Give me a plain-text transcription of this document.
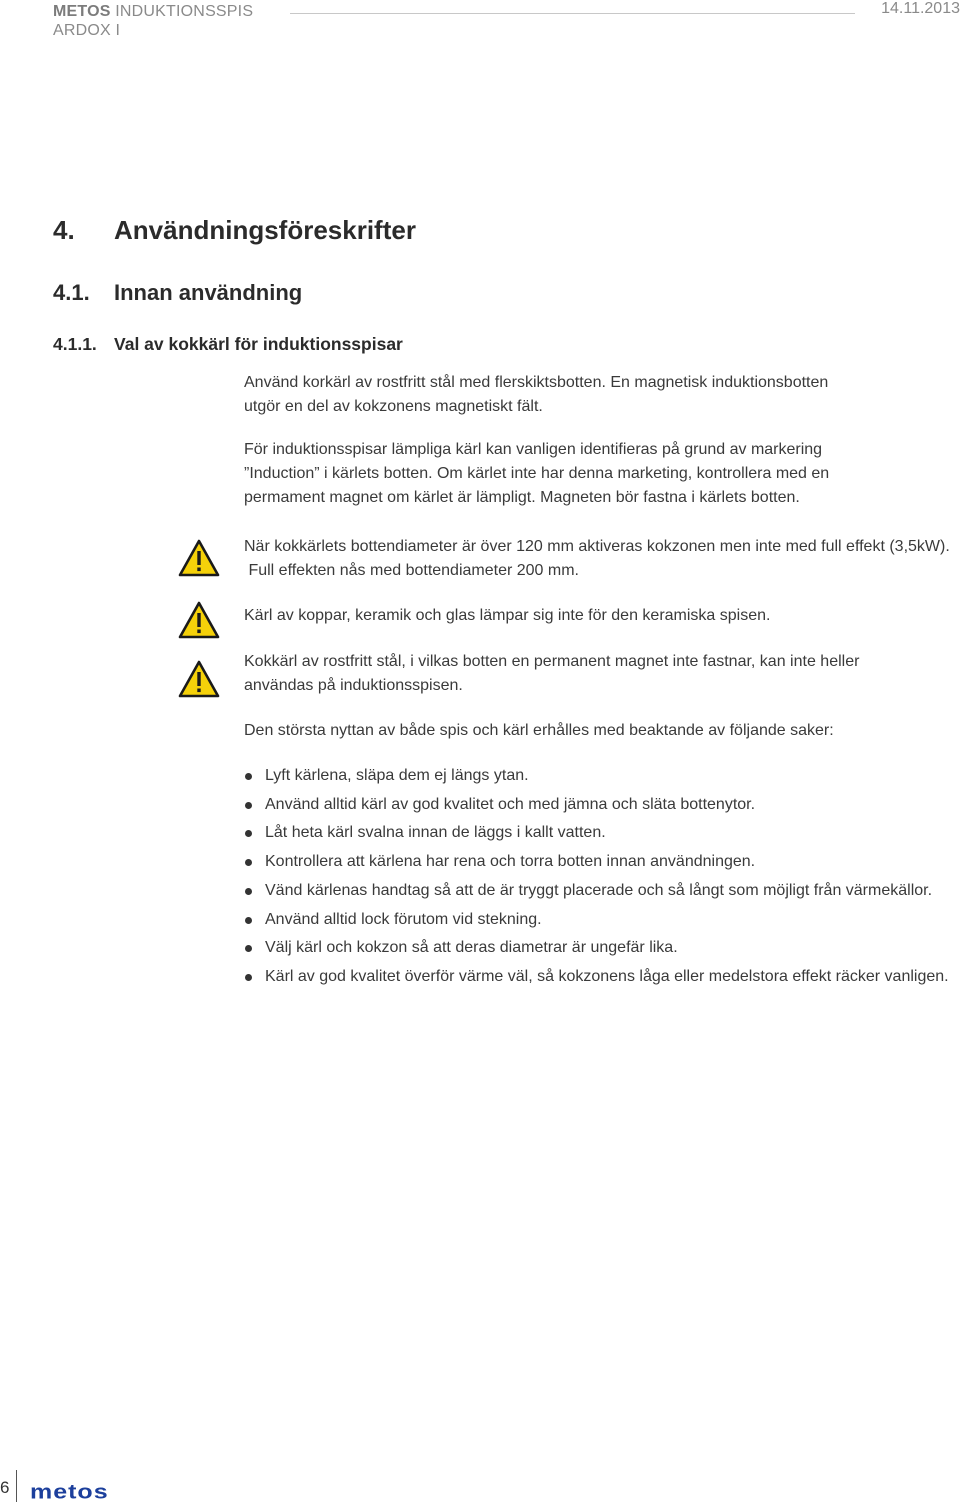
METOS INDUKTIONSSPIS
ARDOX I
14.11.2013
4. Användningsföreskrifter
4.1. Innan användning
4.1.1. Val av kokkärl för induktionsspisar

Använd korkärl av rostfritt stål med flerskiktsbotten. En magnetisk induktionsbotten utgör en del av kokzonens magnetiskt fält.

För induktionsspisar lämpliga kärl kan vanligen identifieras på grund av markering ”Induction” i kärlets botten. Om kärlet inte har denna marketing, kontrollera med en permament magnet om kärlet är lämpligt. Magneten bör fastna i kärlets botten.

När kokkärlets bottendiameter är över 120 mm aktiveras kokzonen men inte med full effekt (3,5kW).
Full effekten nås med bottendiameter 200 mm.

Kärl av koppar, keramik och glas lämpar sig inte för den keramiska spisen.

Kokkärl av rostfritt stål, i vilkas botten en permanent magnet inte fastnar, kan inte heller användas på induktionsspisen.

Den största nyttan av både spis och kärl erhålles med beaktande av följande saker:

Lyft kärlena, släpa dem ej längs ytan.
Använd alltid kärl av god kvalitet och med jämna och släta bottenytor.
Låt heta kärl svalna innan de läggs i kallt vatten.
Kontrollera att kärlena har rena och torra botten innan användningen.
Vänd kärlenas handtag så att de är tryggt placerade och så långt som möjligt från värmekällor.
Använd alltid lock förutom vid stekning.
Välj kärl och kokzon så att deras diametrar är ungefär lika.
Kärl av god kvalitet överför värme väl, så kokzonens låga eller medelstora effekt räcker vanligen.
6 metos
